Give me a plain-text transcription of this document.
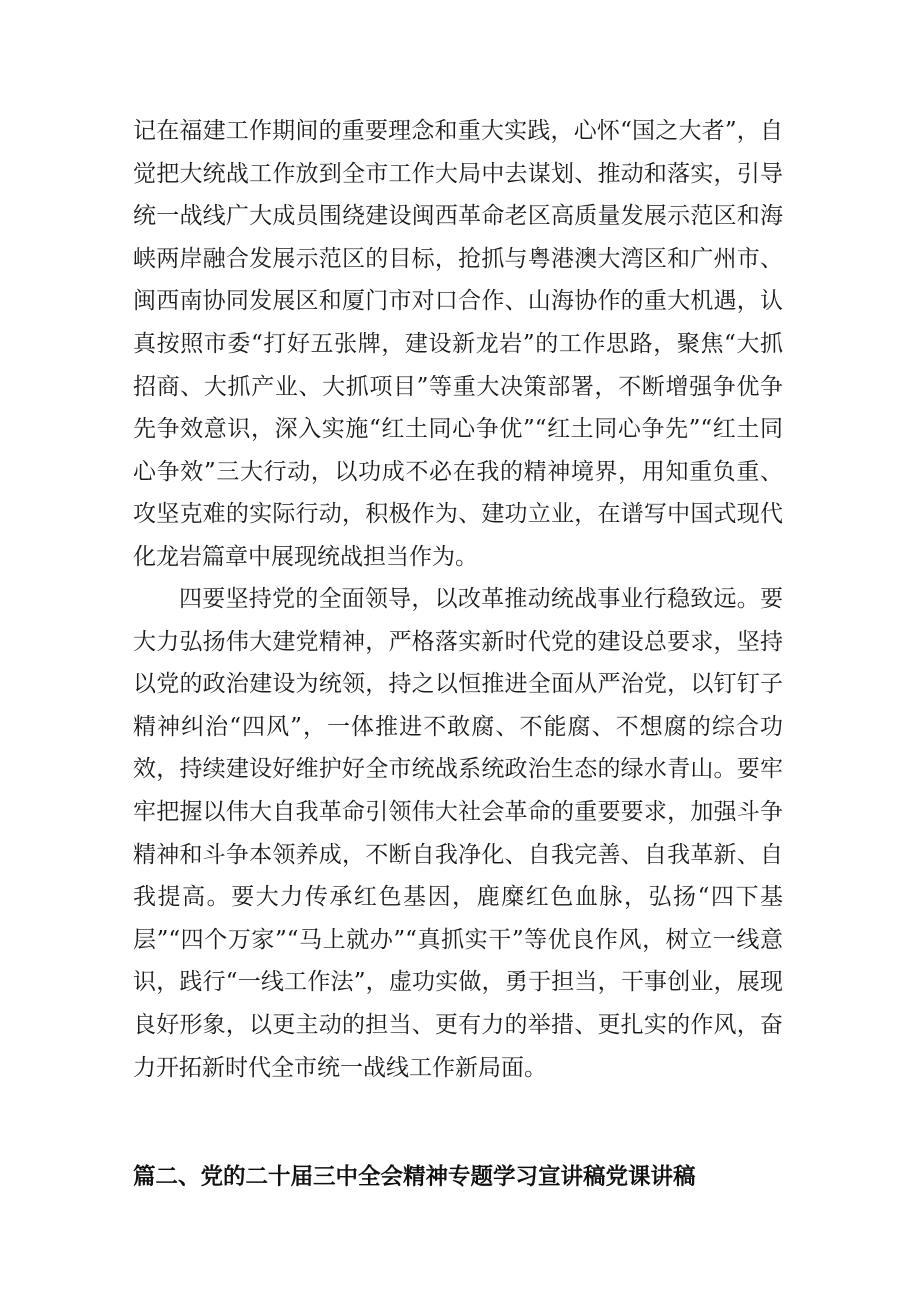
记在福建工作期间的重要理念和重大实践，心怀“国之大者”，自觉把大统战工作放到全市工作大局中去谋划、推动和落实，引导统一战线广大成员围绕建设闽西革命老区高质量发展示范区和海峡两岸融合发展示范区的目标，抢抓与粤港澳大湾区和广州市、闽西南协同发展区和厦门市对口合作、山海协作的重大机遇，认真按照市委“打好五张牌，建设新龙岩”的工作思路，聚焦“大抓招商、大抓产业、大抓项目”等重大决策部署，不断增强争优争先争效意识，深入实施“红土同心争优”“红土同心争先”“红土同心争效”三大行动，以功成不必在我的精神境界，用知重负重、攻坚克难的实际行动，积极作为、建功立业，在谱写中国式现代化龙岩篇章中展现统战担当作为。

四要坚持党的全面领导，以改革推动统战事业行稳致远。要大力弘扬伟大建党精神，严格落实新时代党的建设总要求，坚持以党的政治建设为统领，持之以恒推进全面从严治党，以钉钉子精神纠治“四风”，一体推进不敢腐、不能腐、不想腐的综合功效，持续建设好维护好全市统战系统政治生态的绿水青山。要牢牢把握以伟大自我革命引领伟大社会革命的重要要求，加强斗争精神和斗争本领养成，不断自我净化、自我完善、自我革新、自我提高。要大力传承红色基因，鹿糜红色血脉，弘扬“四下基层”“四个万家”“马上就办”“真抓实干”等优良作风，树立一线意识，践行“一线工作法”，虚功实做，勇于担当，干事创业，展现良好形象，以更主动的担当、更有力的举措、更扎实的作风，奋力开拓新时代全市统一战线工作新局面。

篇二、党的二十届三中全会精神专题学习宣讲稿党课讲稿
